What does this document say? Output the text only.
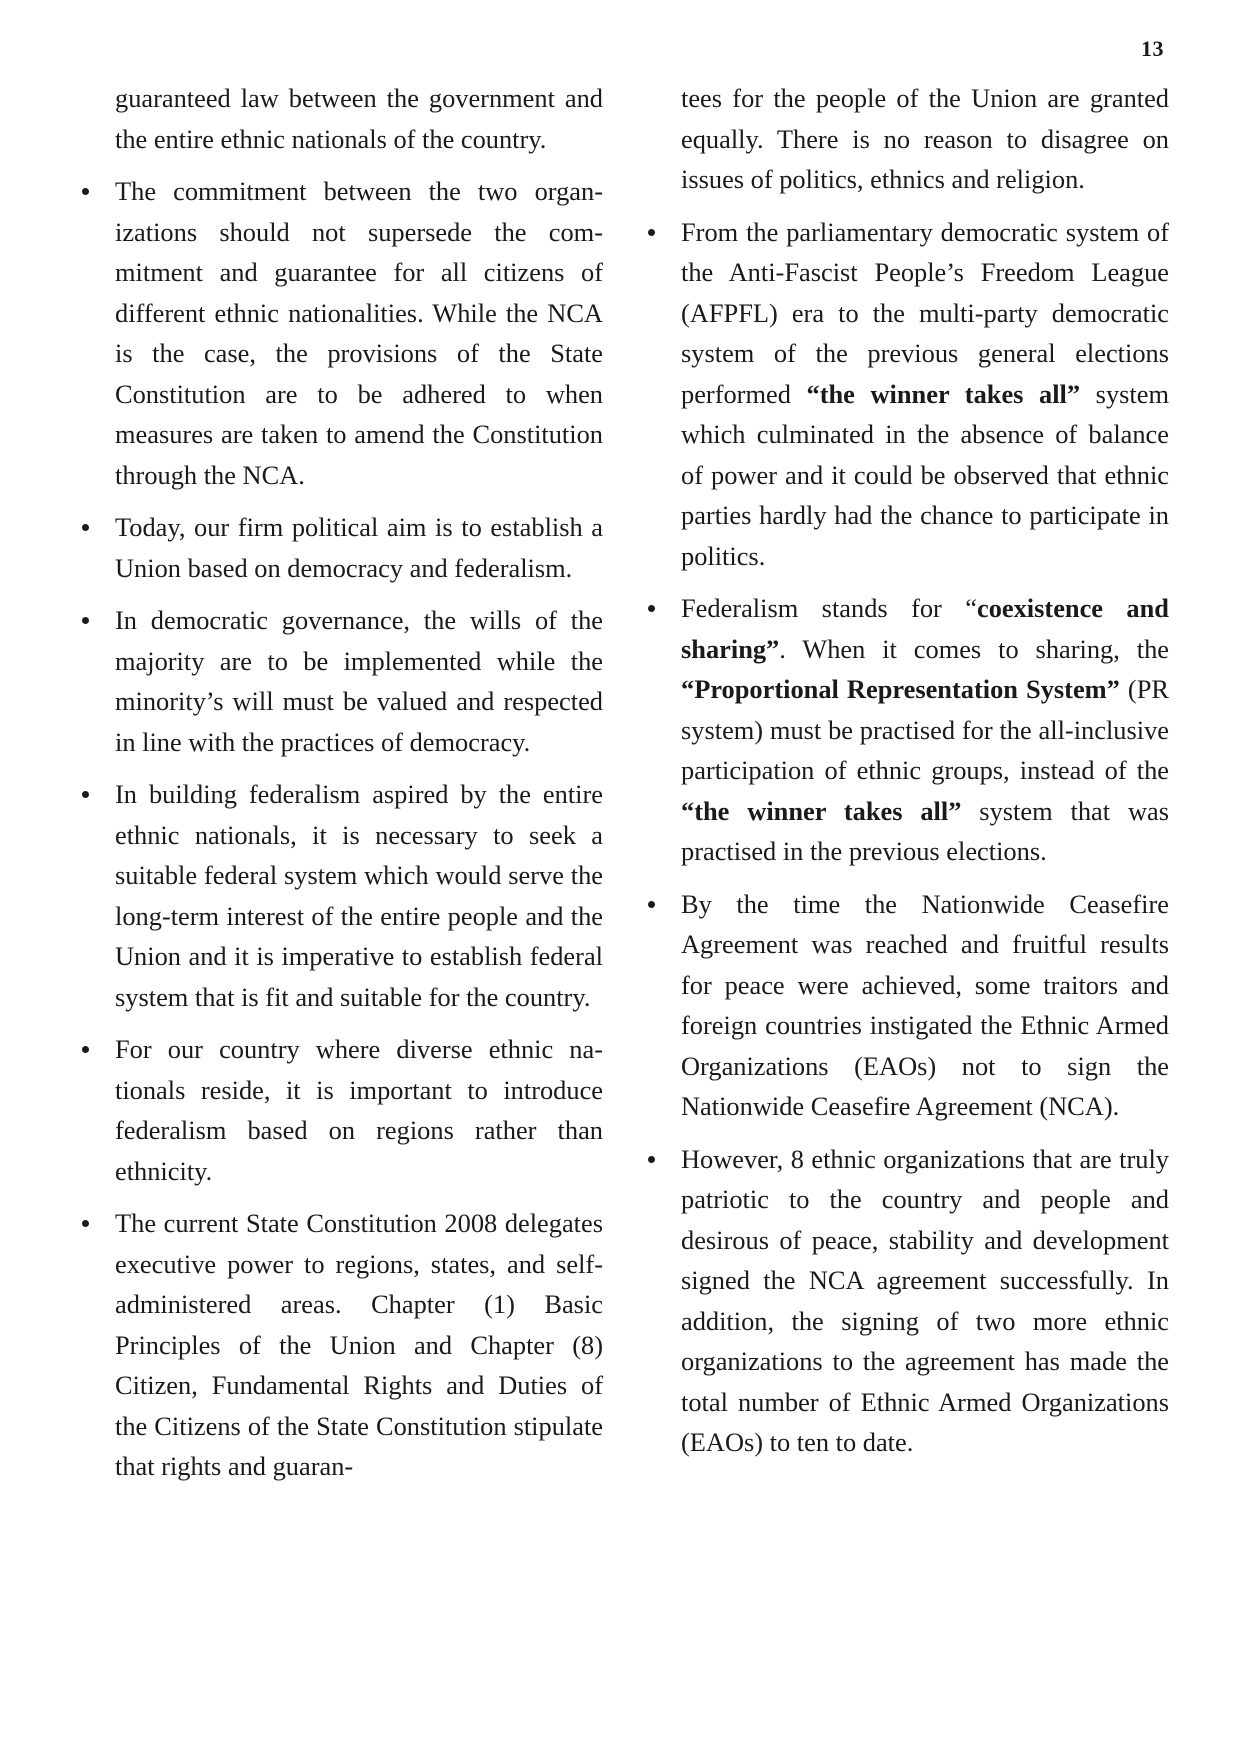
13

guaranteed law between the government and the entire ethnic nationals of the country.

The commitment between the two organizations should not supersede the commitment and guarantee for all citizens of different ethnic nationalities. While the NCA is the case, the provisions of the State Constitution are to be adhered to when measures are taken to amend the Constitution through the NCA.

Today, our firm political aim is to establish a Union based on democracy and federalism.

In democratic governance, the wills of the majority are to be implemented while the minority’s will must be valued and respected in line with the practices of democracy.

In building federalism aspired by the entire ethnic nationals, it is necessary to seek a suitable federal system which would serve the long-term interest of the entire people and the Union and it is imperative to establish federal system that is fit and suitable for the country.

For our country where diverse ethnic nationals reside, it is important to introduce federalism based on regions rather than ethnicity.

The current State Constitution 2008 delegates executive power to regions, states, and self-administered areas. Chapter (1) Basic Principles of the Union and Chapter (8) Citizen, Fundamental Rights and Duties of the Citizens of the State Constitution stipulate that rights and guaran-

tees for the people of the Union are granted equally. There is no reason to disagree on issues of politics, ethnics and religion.

From the parliamentary democratic system of the Anti-Fascist People’s Freedom League (AFPFL) era to the multi-party democratic system of the previous general elections performed “the winner takes all” system which culminated in the absence of balance of power and it could be observed that ethnic parties hardly had the chance to participate in politics.

Federalism stands for “coexistence and sharing”. When it comes to sharing, the “Proportional Representation System” (PR system) must be practised for the all-inclusive participation of ethnic groups, instead of the “the winner takes all” system that was practised in the previous elections.

By the time the Nationwide Ceasefire Agreement was reached and fruitful results for peace were achieved, some traitors and foreign countries instigated the Ethnic Armed Organizations (EAOs) not to sign the Nationwide Ceasefire Agreement (NCA).

However, 8 ethnic organizations that are truly patriotic to the country and people and desirous of peace, stability and development signed the NCA agreement successfully. In addition, the signing of two more ethnic organizations to the agreement has made the total number of Ethnic Armed Organizations (EAOs) to ten to date.
